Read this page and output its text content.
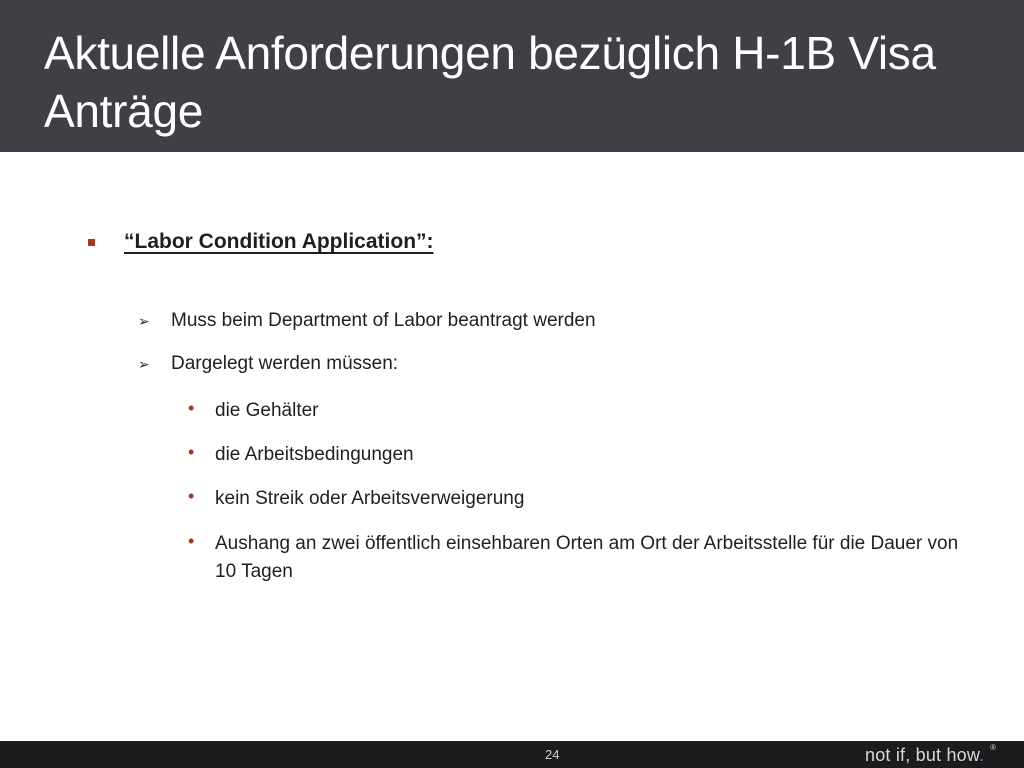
Aktuelle Anforderungen bezüglich H-1B Visa Anträge
“Labor Condition Application”:
➢ Muss beim Department of Labor beantragt werden
➢ Dargelegt werden müssen:
• die Gehälter
• die Arbeitsbedingungen
• kein Streik oder Arbeitsverweigerung
• Aushang an zwei öffentlich einsehbaren Orten am Ort der Arbeitsstelle für die Dauer von 10 Tagen
24	not if, but how. ®
